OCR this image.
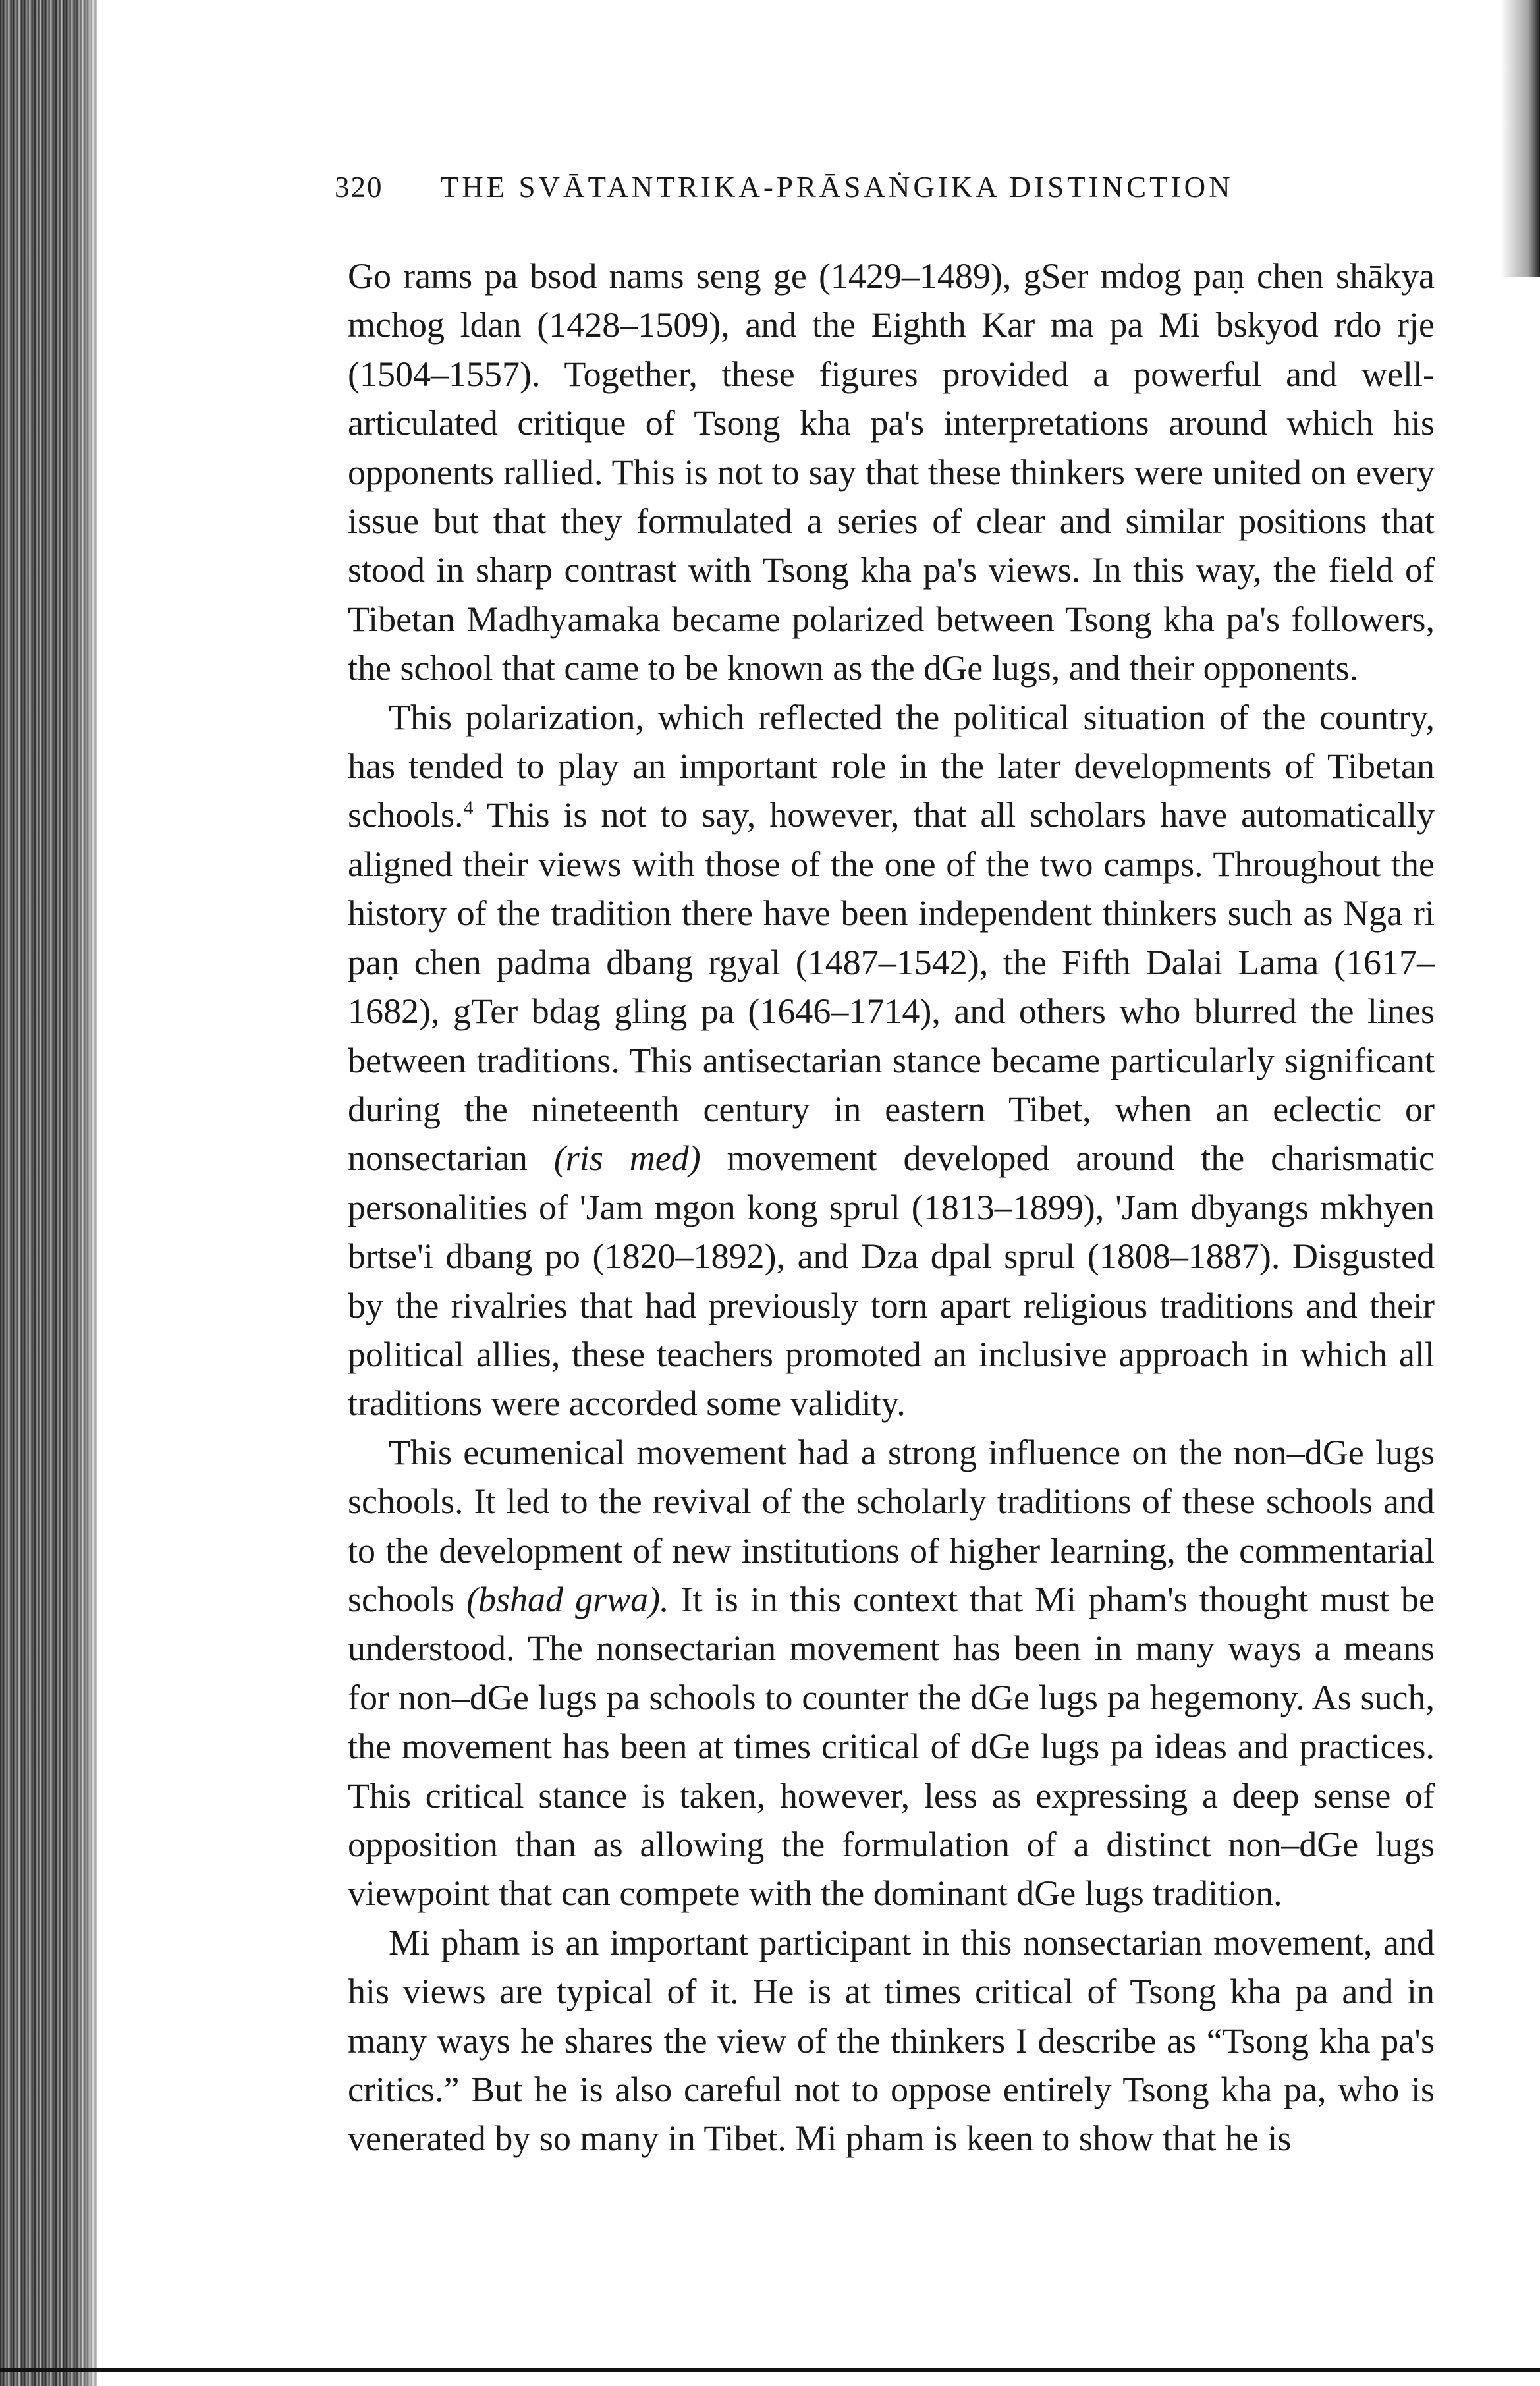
320 THE SVĀTANTRIKA-PRĀSAṄGIKA DISTINCTION

Go rams pa bsod nams seng ge (1429–1489), gSer mdog paṇ chen shākya mchog ldan (1428–1509), and the Eighth Kar ma pa Mi bskyod rdo rje (1504–1557). Together, these figures provided a powerful and well-articulated critique of Tsong kha pa's interpretations around which his opponents rallied. This is not to say that these thinkers were united on every issue but that they formulated a series of clear and similar positions that stood in sharp contrast with Tsong kha pa's views. In this way, the field of Tibetan Madhyamaka became polarized between Tsong kha pa's followers, the school that came to be known as the dGe lugs, and their opponents.

This polarization, which reflected the political situation of the country, has tended to play an important role in the later developments of Tibetan schools.$^4$ This is not to say, however, that all scholars have automatically aligned their views with those of the one of the two camps. Throughout the history of the tradition there have been independent thinkers such as Nga ri paṇ chen padma dbang rgyal (1487–1542), the Fifth Dalai Lama (1617–1682), gTer bdag gling pa (1646–1714), and others who blurred the lines between traditions. This antisectarian stance became particularly significant during the nineteenth century in eastern Tibet, when an eclectic or nonsectarian (ris med) movement developed around the charismatic personalities of 'Jam mgon kong sprul (1813–1899), 'Jam dbyangs mkhyen brtse'i dbang po (1820–1892), and Dza dpal sprul (1808–1887). Disgusted by the rivalries that had previously torn apart religious traditions and their political allies, these teachers promoted an inclusive approach in which all traditions were accorded some validity.

This ecumenical movement had a strong influence on the non–dGe lugs schools. It led to the revival of the scholarly traditions of these schools and to the development of new institutions of higher learning, the commentarial schools (bshad grwa). It is in this context that Mi pham's thought must be understood. The nonsectarian movement has been in many ways a means for non–dGe lugs pa schools to counter the dGe lugs pa hegemony. As such, the movement has been at times critical of dGe lugs pa ideas and practices. This critical stance is taken, however, less as expressing a deep sense of opposition than as allowing the formulation of a distinct non–dGe lugs viewpoint that can compete with the dominant dGe lugs tradition.

Mi pham is an important participant in this nonsectarian movement, and his views are typical of it. He is at times critical of Tsong kha pa and in many ways he shares the view of the thinkers I describe as “Tsong kha pa's critics.” But he is also careful not to oppose entirely Tsong kha pa, who is venerated by so many in Tibet. Mi pham is keen to show that he is
